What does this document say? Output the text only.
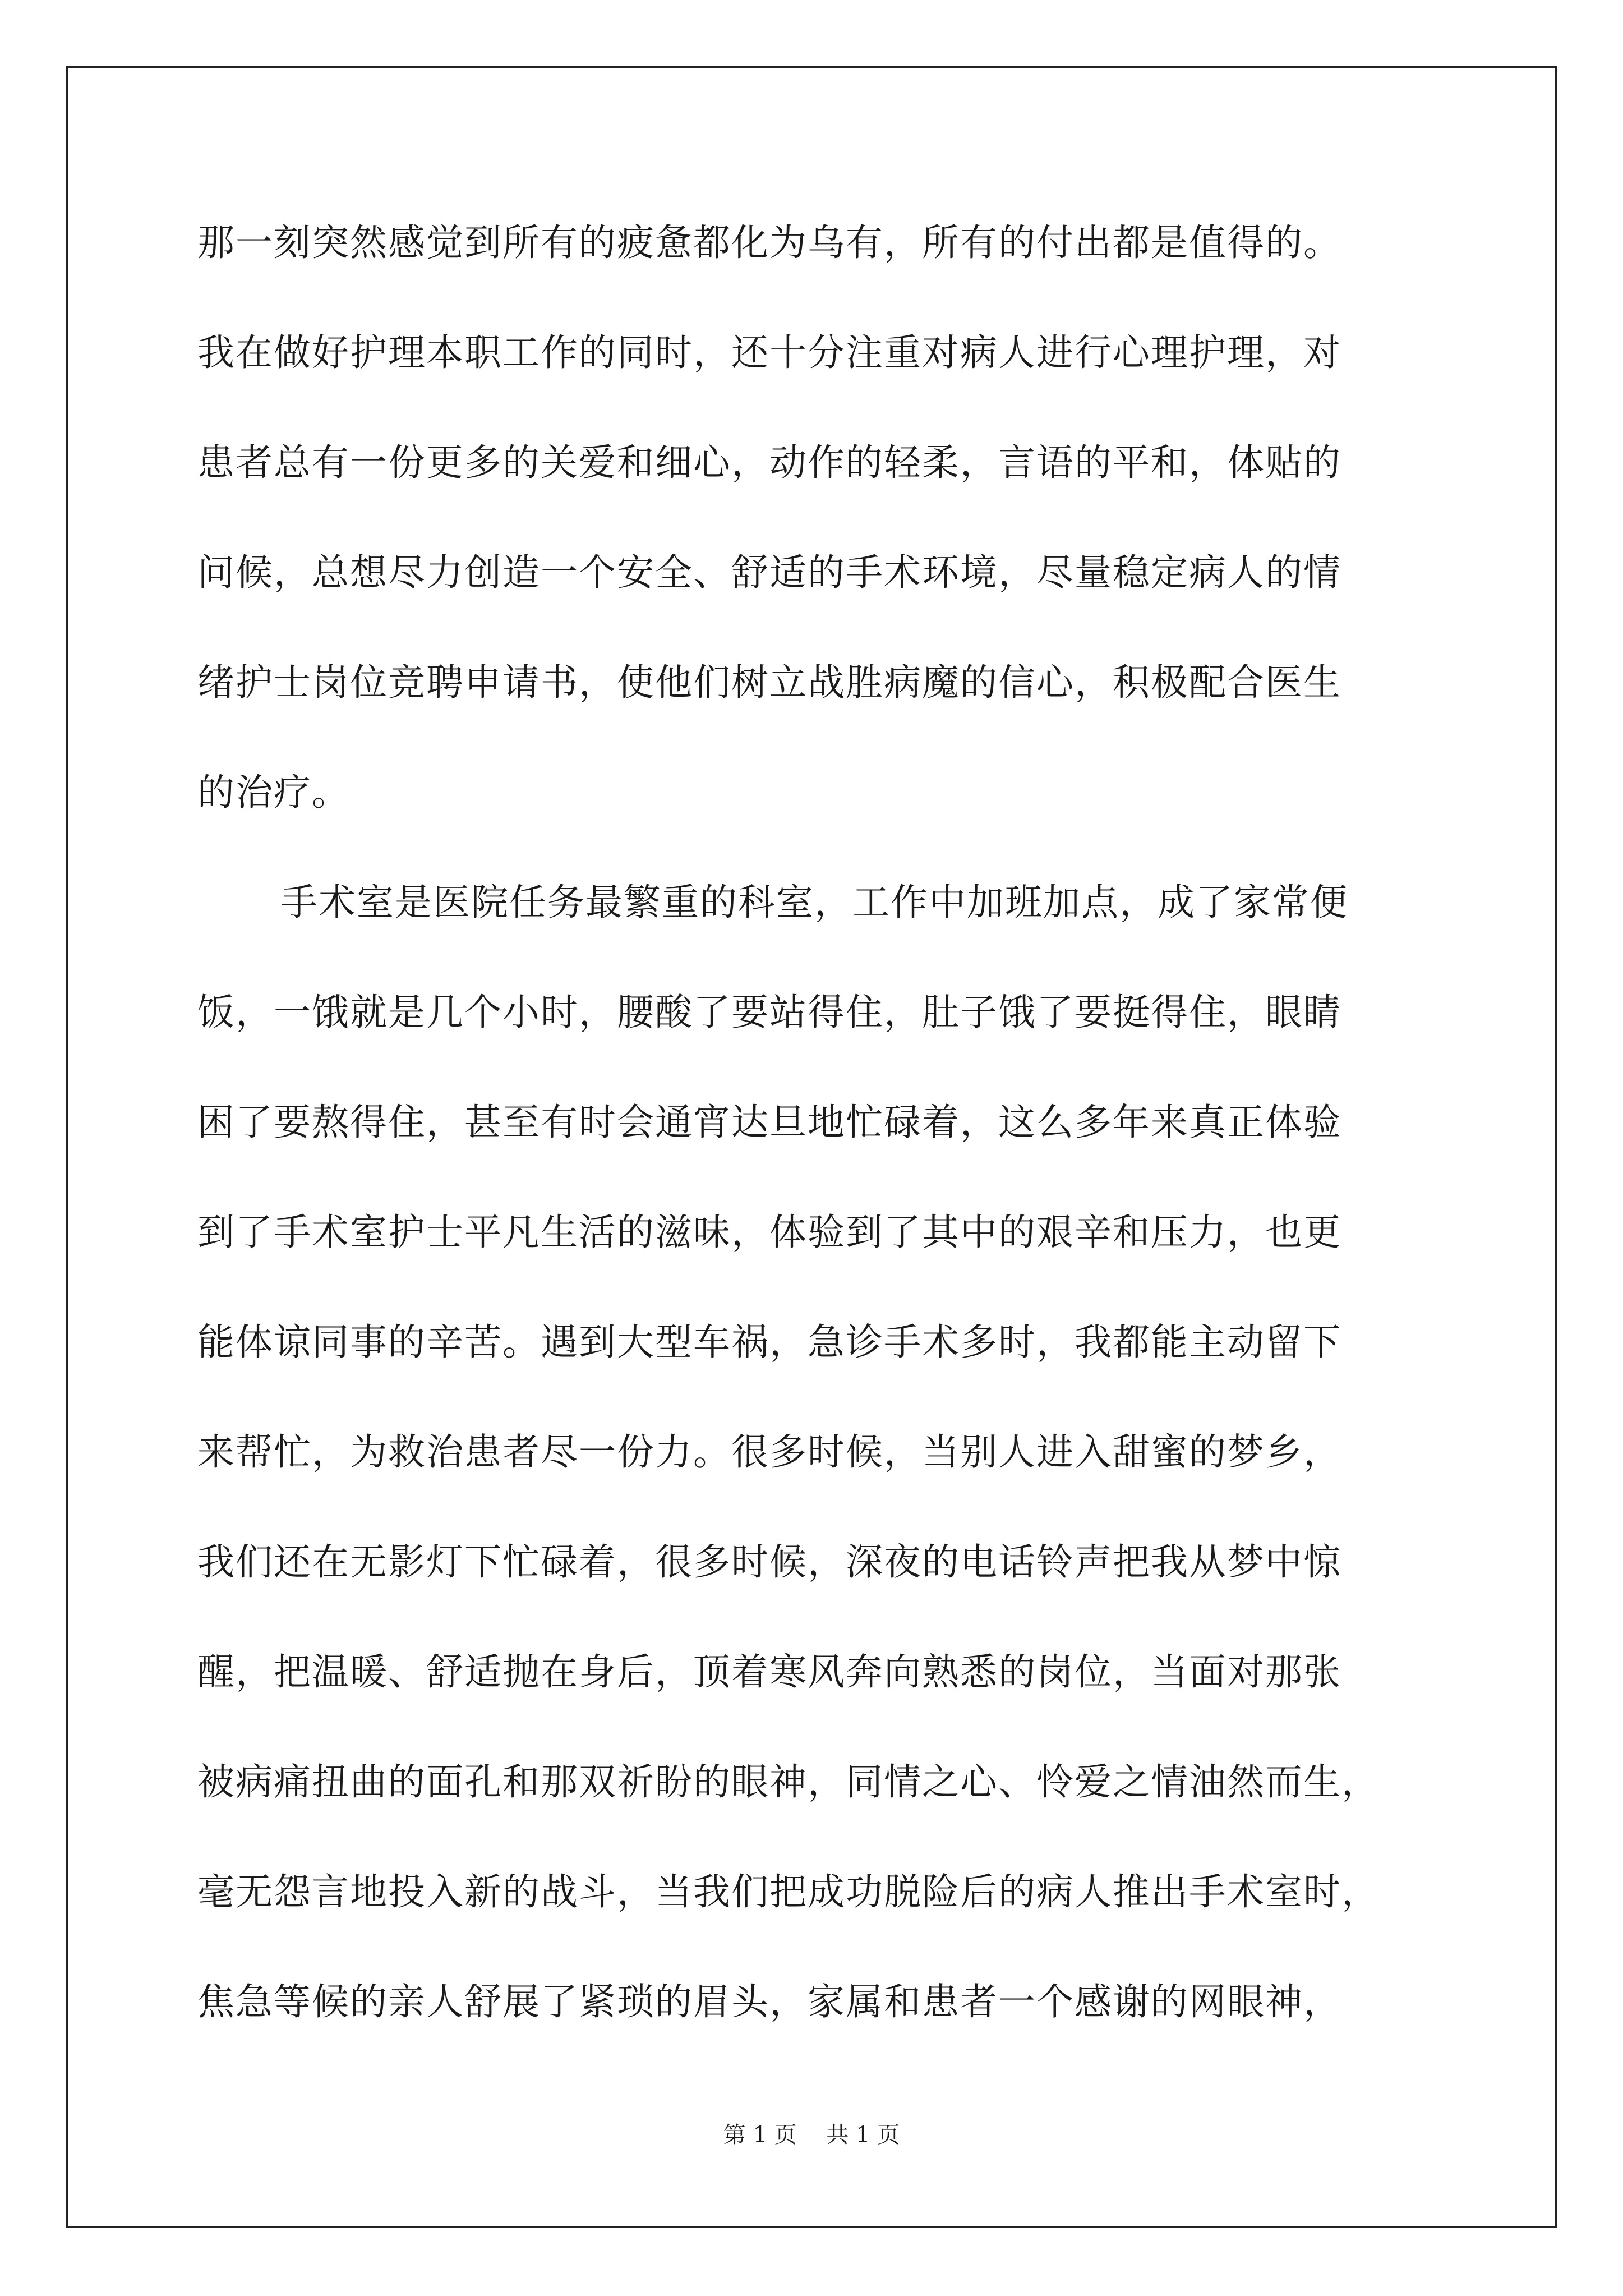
那一刻突然感觉到所有的疲惫都化为乌有，所有的付出都是值得的。
我在做好护理本职工作的同时，还十分注重对病人进行心理护理，对
患者总有一份更多的关爱和细心，动作的轻柔，言语的平和，体贴的
问候，总想尽力创造一个安全、舒适的手术环境，尽量稳定病人的情
绪护士岗位竞聘申请书，使他们树立战胜病魔的信心，积极配合医生
的治疗。
手术室是医院任务最繁重的科室，工作中加班加点，成了家常便
饭，一饿就是几个小时，腰酸了要站得住，肚子饿了要挺得住，眼睛
困了要熬得住，甚至有时会通宵达旦地忙碌着，这么多年来真正体验
到了手术室护士平凡生活的滋味，体验到了其中的艰辛和压力，也更
能体谅同事的辛苦。遇到大型车祸，急诊手术多时，我都能主动留下
来帮忙，为救治患者尽一份力。很多时候，当别人进入甜蜜的梦乡，
我们还在无影灯下忙碌着，很多时候，深夜的电话铃声把我从梦中惊
醒，把温暖、舒适抛在身后，顶着寒风奔向熟悉的岗位，当面对那张
被病痛扭曲的面孔和那双祈盼的眼神，同情之心、怜爱之情油然而生，
毫无怨言地投入新的战斗，当我们把成功脱险后的病人推出手术室时，
焦急等候的亲人舒展了紧琐的眉头，家属和患者一个感谢的网眼神，
第 1 页 共 1 页
